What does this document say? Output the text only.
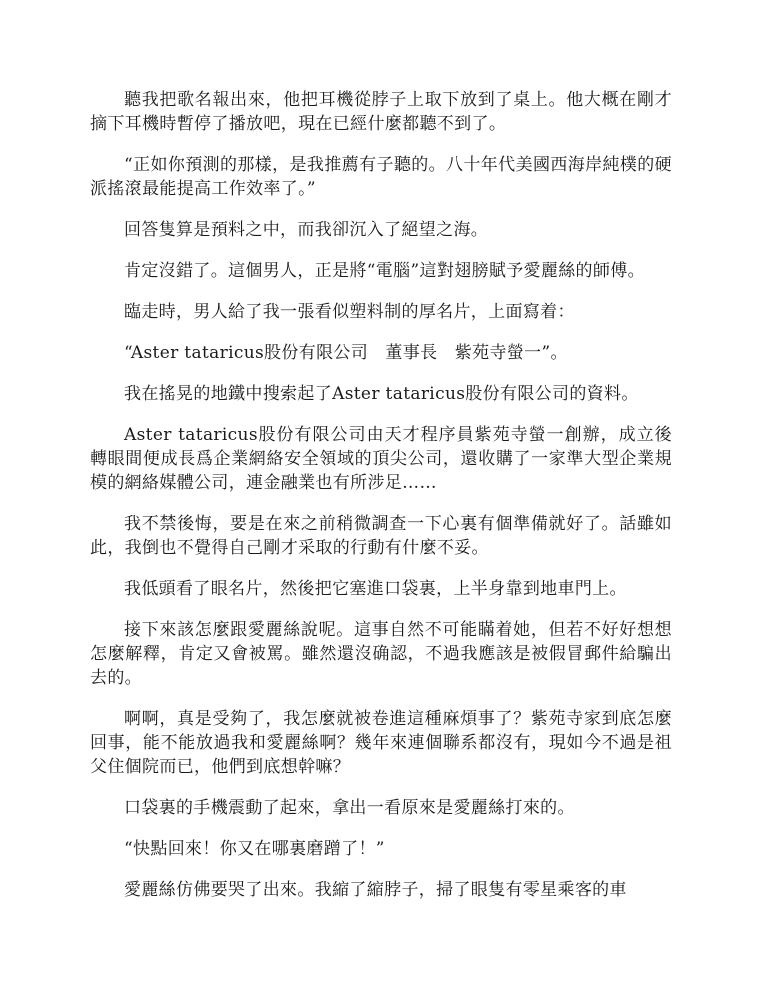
聽我把歌名報出來，他把耳機從脖子上取下放到了桌上。他大概在剛才摘下耳機時暫停了播放吧，現在已經什麼都聽不到了。

“正如你預測的那樣，是我推薦有子聽的。八十年代美國西海岸純樸的硬派搖滾最能提高工作效率了。”

回答隻算是預料之中，而我卻沉入了絕望之海。

肯定沒錯了。這個男人，正是將“電腦”這對翅膀賦予愛麗絲的師傅。

臨走時，男人給了我一張看似塑料制的厚名片，上面寫着：

“Aster tataricus股份有限公司　董事長　紫苑寺螢一”。

我在搖晃的地鐵中搜索起了Aster tataricus股份有限公司的資料。

Aster tataricus股份有限公司由天才程序員紫苑寺螢一創辦，成立後轉眼間便成長爲企業網絡安全領域的頂尖公司，還收購了一家準大型企業規模的網絡媒體公司，連金融業也有所涉足……

我不禁後悔，要是在來之前稍微調查一下心裏有個準備就好了。話雖如此，我倒也不覺得自己剛才采取的行動有什麼不妥。

我低頭看了眼名片，然後把它塞進口袋裏，上半身靠到地車門上。

接下來該怎麼跟愛麗絲說呢。這事自然不可能瞞着她，但若不好好想想怎麼解釋，肯定又會被罵。雖然還沒确認，不過我應該是被假冒郵件給騙出去的。

啊啊，真是受夠了，我怎麼就被卷進這種麻煩事了？紫苑寺家到底怎麼回事，能不能放過我和愛麗絲啊？幾年來連個聯系都沒有，現如今不過是祖父住個院而已，他們到底想幹嘛？

口袋裏的手機震動了起來，拿出一看原來是愛麗絲打來的。

“快點回來！你又在哪裏磨蹭了！”

愛麗絲仿佛要哭了出來。我縮了縮脖子，掃了眼隻有零星乘客的車
